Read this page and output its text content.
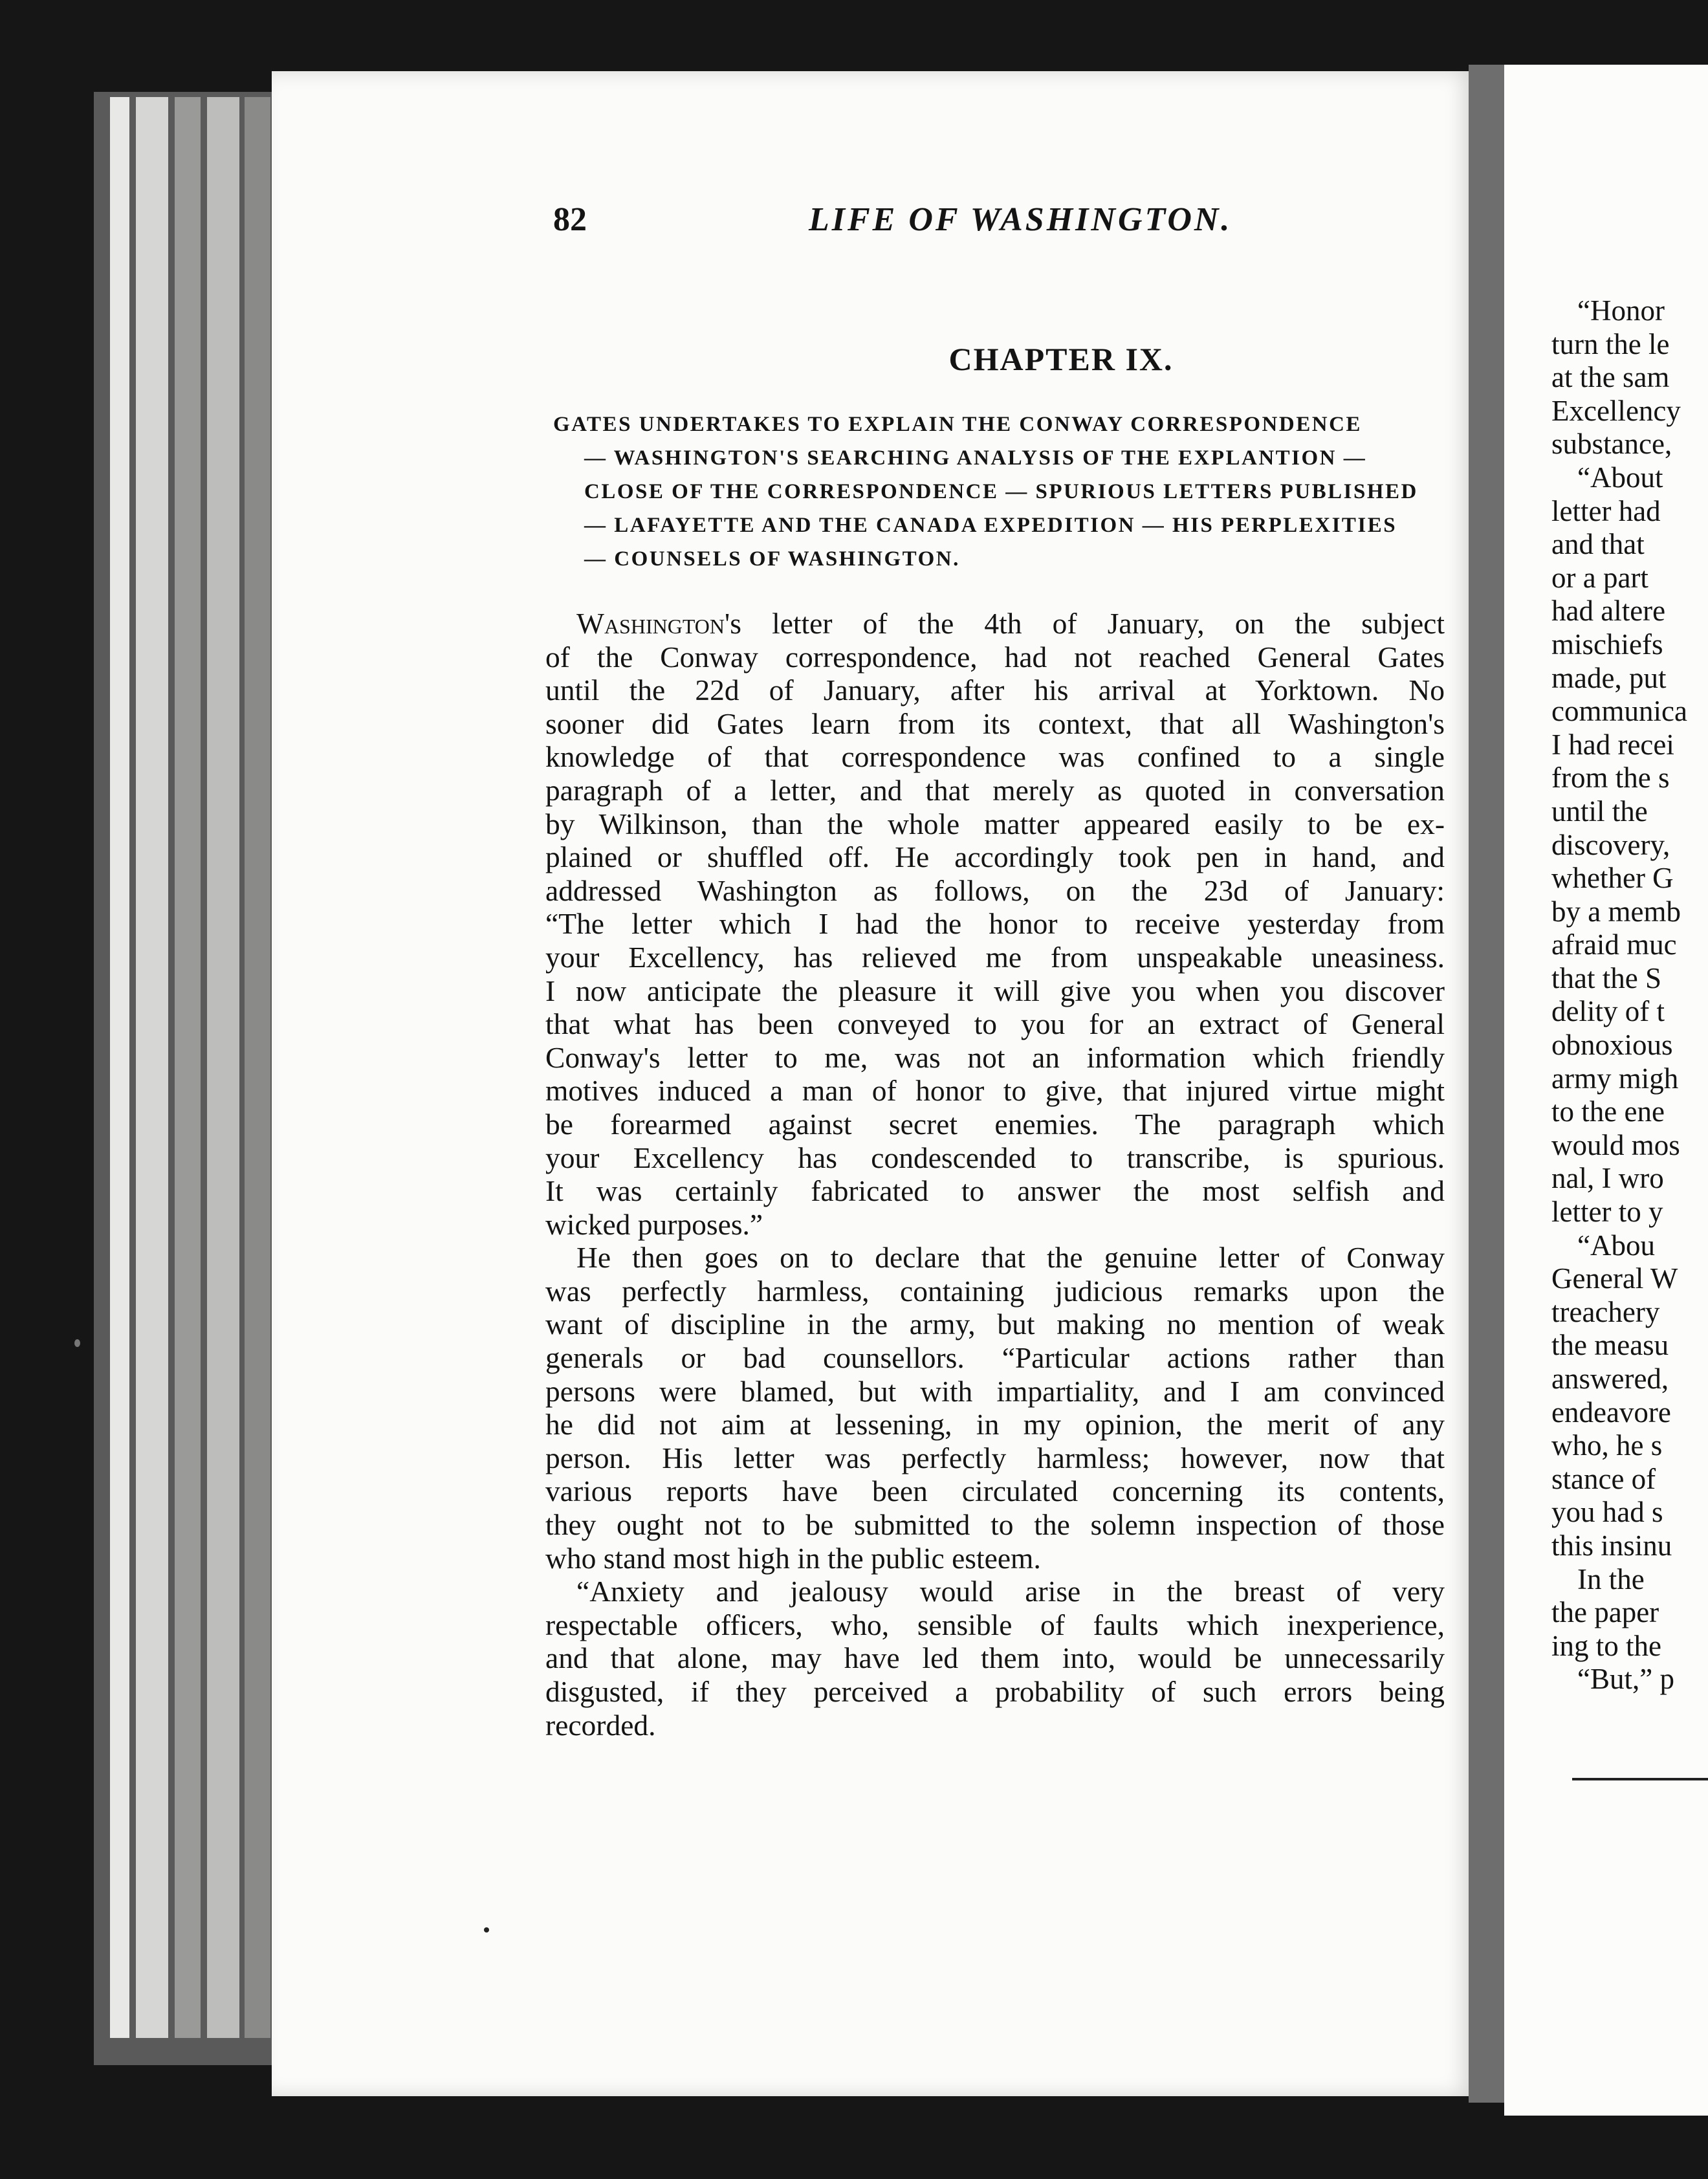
82	LIFE OF WASHINGTON.
CHAPTER IX.
GATES UNDERTAKES TO EXPLAIN THE CONWAY CORRESPONDENCE
— WASHINGTON'S SEARCHING ANALYSIS OF THE EXPLANTION —
CLOSE OF THE CORRESPONDENCE — SPURIOUS LETTERS PUBLISHED
— LAFAYETTE AND THE CANADA EXPEDITION — HIS PERPLEXITIES
— COUNSELS OF WASHINGTON.
Washington's letter of the 4th of January, on the subject
of the Conway correspondence, had not reached General Gates
until the 22d of January, after his arrival at Yorktown. No
sooner did Gates learn from its context, that all Washington's
knowledge of that correspondence was confined to a single
paragraph of a letter, and that merely as quoted in conversation
by Wilkinson, than the whole matter appeared easily to be ex-
plained or shuffled off. He accordingly took pen in hand, and
addressed Washington as follows, on the 23d of January:
“The letter which I had the honor to receive yesterday from
your Excellency, has relieved me from unspeakable uneasiness.
I now anticipate the pleasure it will give you when you discover
that what has been conveyed to you for an extract of General
Conway's letter to me, was not an information which friendly
motives induced a man of honor to give, that injured virtue might
be forearmed against secret enemies. The paragraph which
your Excellency has condescended to transcribe, is spurious.
It was certainly fabricated to answer the most selfish and
wicked purposes.”
He then goes on to declare that the genuine letter of Conway
was perfectly harmless, containing judicious remarks upon the
want of discipline in the army, but making no mention of weak
generals or bad counsellors. “Particular actions rather than
persons were blamed, but with impartiality, and I am convinced
he did not aim at lessening, in my opinion, the merit of any
person. His letter was perfectly harmless; however, now that
various reports have been circulated concerning its contents,
they ought not to be submitted to the solemn inspection of those
who stand most high in the public esteem.
“Anxiety and jealousy would arise in the breast of very
respectable officers, who, sensible of faults which inexperience,
and that alone, may have led them into, would be unnecessarily
disgusted, if they perceived a probability of such errors being
recorded.
“Honor
turn the le
at the sam
Excellency
substance,
“About
letter had
and that
or a part
had altere
mischiefs
made, put
communica
I had recei
from the s
until the
discovery,
whether G
by a memb
afraid muc
that the S
delity of t
obnoxious
army migh
to the ene
would mos
nal, I wro
letter to y
“Abou
General W
treachery
the measu
answered,
endeavore
who, he s
stance of
you had s
this insinu
In the
the paper
ing to the
“But,” p
